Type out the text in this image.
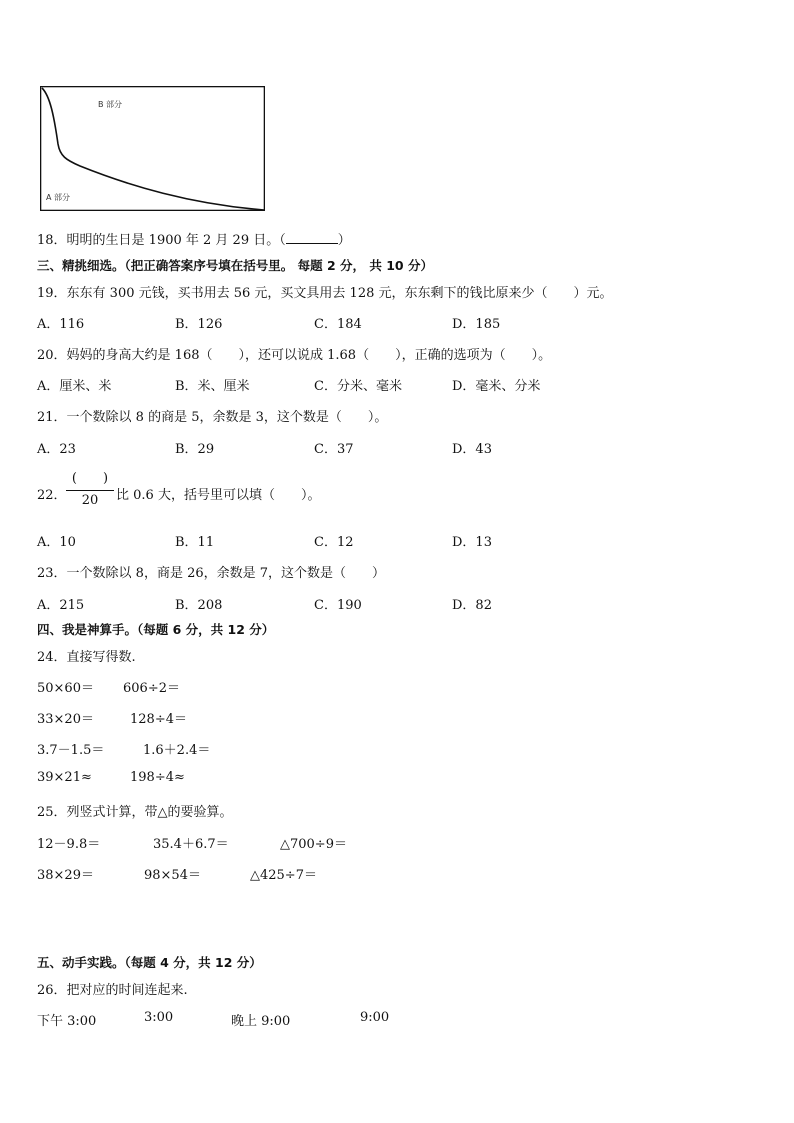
B 部分
A 部分
18．明明的生日是 1900 年 2 月 29 日。（	）
三、精挑细选。（把正确答案序号填在括号里。 每题 2 分， 共 10 分）
19．东东有 300 元钱，买书用去 56 元，买文具用去 128 元，东东剩下的钱比原来少（　　）元。
A．116	B．126	C．184	D．185
20．妈妈的身高大约是 168（　　），还可以说成 1.68（　　），正确的选项为（　　）。
A．厘米、米	B．米、厘米	C．分米、毫米	D．毫米、分米
21．一个数除以 8 的商是 5，余数是 3，这个数是（　　）。
A．23	B．29	C．37	D．43
22．
(　　)
20	比 0.6 大，括号里可以填（　　）。
A．10	B．11	C．12	D．13
23．一个数除以 8，商是 26，余数是 7，这个数是（　　）
A．215	B．208	C．190	D．82
四、我是神算手。（每题 6 分，共 12 分）
24．直接写得数.
50×60＝ 606÷2＝
33×20＝	128÷4＝
3.7－1.5＝	1.6＋2.4＝
39×21≈	198÷4≈
25．列竖式计算，带△的要验算。
12－9.8＝	35.4＋6.7＝	△700÷9＝
38×29＝	98×54＝	△425÷7＝
五、动手实践。（每题 4 分，共 12 分）
26．把对应的时间连起来.
下午 3:00	3:00	晚上 9:00	9:00
